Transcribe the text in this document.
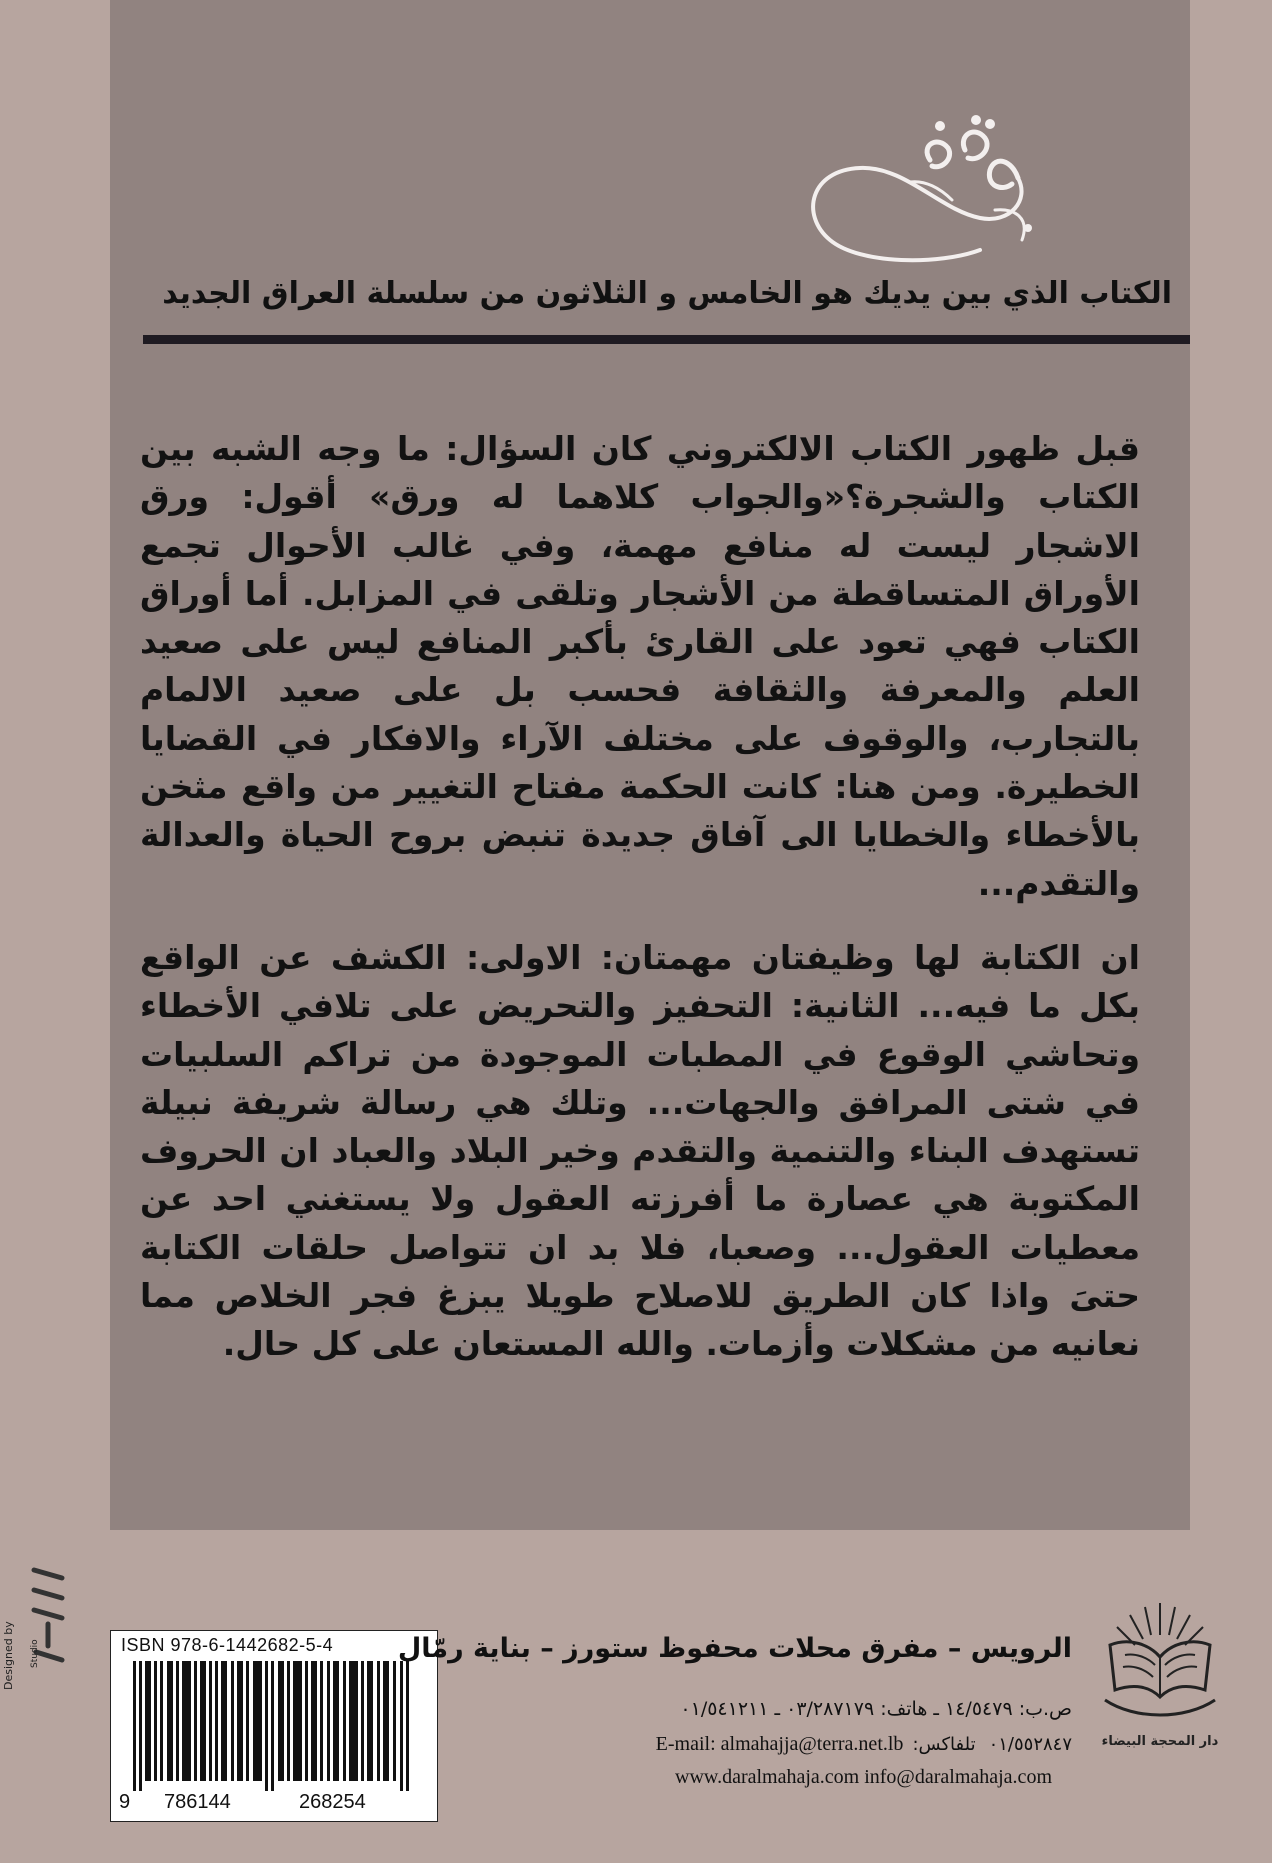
الكتاب الذي بين يديك هو الخامس و الثلاثون من سلسلة العراق الجديد

قبل ظهور الكتاب الالكتروني كان السؤال: ما وجه الشبه بين الكتاب والشجرة؟«والجواب كلاهما له ورق» أقول: ورق الاشجار ليست له منافع مهمة، وفي غالب الأحوال تجمع الأوراق المتساقطة من الأشجار وتلقى في المزابل. أما أوراق الكتاب فهي تعود على القارئ بأكبر المنافع ليس على صعيد العلم والمعرفة والثقافة فحسب بل على صعيد الالمام بالتجارب، والوقوف على مختلف الآراء والافكار في القضايا الخطيرة. ومن هنا: كانت الحكمة مفتاح التغيير من واقع مثخن بالأخطاء والخطايا الى آفاق جديدة تنبض بروح الحياة والعدالة والتقدم...

ان الكتابة لها وظيفتان مهمتان: الاولى: الكشف عن الواقع بكل ما فيه... الثانية: التحفيز والتحريض على تلافي الأخطاء وتحاشي الوقوع في المطبات الموجودة من تراكم السلبيات في شتى المرافق والجهات... وتلك هي رسالة شريفة نبيلة تستهدف البناء والتنمية والتقدم وخير البلاد والعباد ان الحروف المكتوبة هي عصارة ما أفرزته العقول ولا يستغني احد عن معطيات العقول... وصعبا، فلا بد ان تتواصل حلقات الكتابة حتىَ واذا كان الطريق للاصلاح طويلا يبزغ فجر الخلاص مما نعانيه من مشكلات وأزمات. والله المستعان على كل حال.

Designed by	Studio	ISBN 978-6-1442682-5-4
9 786144	268254
دار المحجة البيضاء
الرويس – مفرق محلات محفوظ ستورز – بناية رمّال
ص.ب: ١٤/٥٤٧٩ ـ هاتف: ٠٣/٢٨٧١٧٩ ـ ٠١/٥٤١٢١١
E-mail: almahajja@terra.net.lb	٠١/٥٥٢٨٤٧ تلفاكس:
www.daralmahaja.com info@daralmahaja.com
